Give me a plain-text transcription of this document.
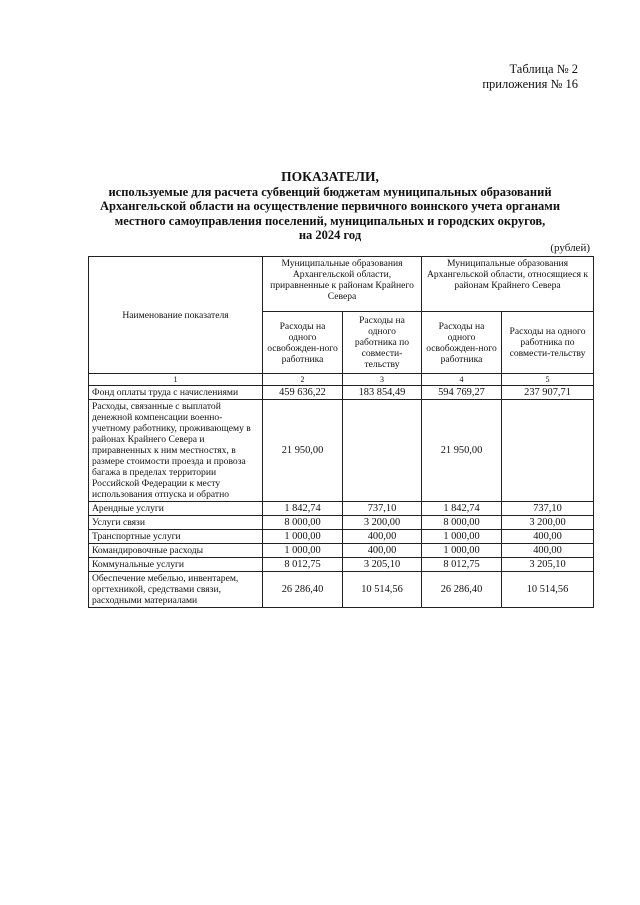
Таблица № 2
приложения № 16
ПОКАЗАТЕЛИ,
используемые для расчета субвенций бюджетам муниципальных образований
Архангельской области на осуществление первичного воинского учета органами
местного самоуправления поселений, муниципальных и городских округов,
на 2024 год
(рублей)
Наименование показателя	Муниципальные образования Архангельской области, приравненные к районам Крайнего Севера		Муниципальные образования Архангельской области, относящиеся к районам Крайнего Севера	
	Расходы на одного освобожден-ного работника	Расходы на одного работника по совмести-тельству	Расходы на одного освобожден-ного работника	Расходы на одного работника по совмести-тельству
1	2	3	4	5
Фонд оплаты труда с начислениями	459 636,22	183 854,49	594 769,27	237 907,71
Расходы, связанные с выплатой денежной компенсации военно-учетному работнику, проживающему в районах Крайнего Севера и приравненных к ним местностях, в размере стоимости проезда и провоза багажа в пределах территории Российской Федерации к месту использования отпуска и обратно	21 950,00		21 950,00	
Арендные услуги	1 842,74	737,10	1 842,74	737,10
Услуги связи	8 000,00	3 200,00	8 000,00	3 200,00
Транспортные услуги	1 000,00	400,00	1 000,00	400,00
Командировочные расходы	1 000,00	400,00	1 000,00	400,00
Коммунальные услуги	8 012,75	3 205,10	8 012,75	3 205,10
Обеспечение мебелью, инвентарем, оргтехникой, средствами связи, расходными материалами	26 286,40	10 514,56	26 286,40	10 514,56
